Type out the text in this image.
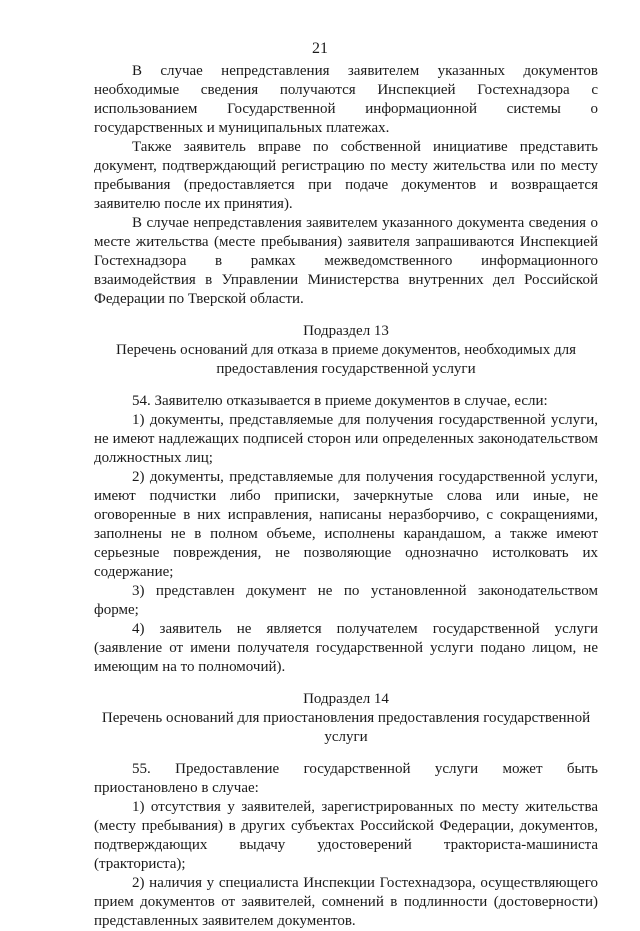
21

В случае непредставления заявителем указанных документов необходимые сведения получаются Инспекцией Гостехнадзора с использованием Государственной информационной системы о государственных и муниципальных платежах.

Также заявитель вправе по собственной инициативе представить документ, подтверждающий регистрацию по месту жительства или по месту пребывания (предоставляется при подаче документов и возвращается заявителю после их принятия).

В случае непредставления заявителем указанного документа сведения о месте жительства (месте пребывания) заявителя запрашиваются Инспекцией Гостехнадзора в рамках межведомственного информационного взаимодействия в Управлении Министерства внутренних дел Российской Федерации по Тверской области.

Подраздел 13

Перечень оснований для отказа в приеме документов, необходимых для предоставления государственной услуги

54. Заявителю отказывается в приеме документов в случае, если:

1) документы, представляемые для получения государственной услуги, не имеют надлежащих подписей сторон или определенных законодательством должностных лиц;

2) документы, представляемые для получения государственной услуги, имеют подчистки либо приписки, зачеркнутые слова или иные, не оговоренные в них исправления, написаны неразборчиво, с сокращениями, заполнены не в полном объеме, исполнены карандашом, а также имеют серьезные повреждения, не позволяющие однозначно истолковать их содержание;

3) представлен документ не по установленной законодательством форме;

4) заявитель не является получателем государственной услуги (заявление от имени получателя государственной услуги подано лицом, не имеющим на то полномочий).

Подраздел 14

Перечень оснований для приостановления предоставления государственной услуги

55. Предоставление государственной услуги может быть приостановлено в случае:

1) отсутствия у заявителей, зарегистрированных по месту жительства (месту пребывания) в других субъектах Российской Федерации, документов, подтверждающих выдачу удостоверений тракториста-машиниста (тракториста);

2) наличия у специалиста Инспекции Гостехнадзора, осуществляющего прием документов от заявителей, сомнений в подлинности (достоверности) представленных заявителем документов.
